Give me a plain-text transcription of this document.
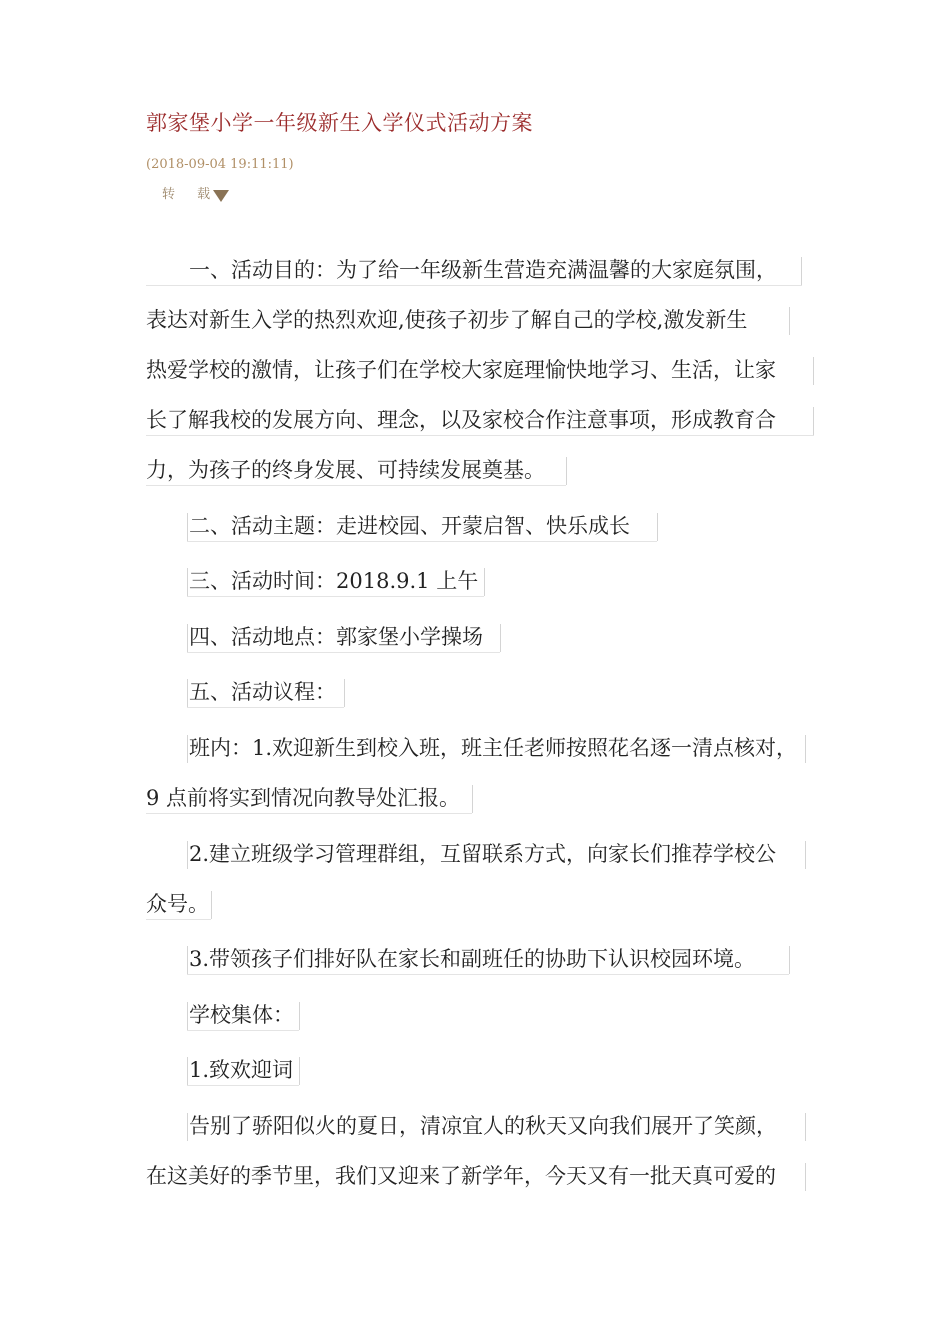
郭家堡小学一年级新生入学仪式活动方案
(2018-09-04 19:11:11)
转 载
一、活动目的：为了给一年级新生营造充满温馨的大家庭氛围，
表达对新生入学的热烈欢迎,使孩子初步了解自己的学校,激发新生
热爱学校的激情，让孩子们在学校大家庭理愉快地学习、生活，让家
长了解我校的发展方向、理念，以及家校合作注意事项，形成教育合
力，为孩子的终身发展、可持续发展奠基。
二、活动主题：走进校园、开蒙启智、快乐成长
三、活动时间：2018.9.1 上午
四、活动地点：郭家堡小学操场
五、活动议程：
班内：1.欢迎新生到校入班，班主任老师按照花名逐一清点核对，
9 点前将实到情况向教导处汇报。
2.建立班级学习管理群组，互留联系方式，向家长们推荐学校公
众号。
3.带领孩子们排好队在家长和副班任的协助下认识校园环境。
学校集体：
1.致欢迎词
告别了骄阳似火的夏日，清凉宜人的秋天又向我们展开了笑颜，
在这美好的季节里，我们又迎来了新学年，今天又有一批天真可爱的
